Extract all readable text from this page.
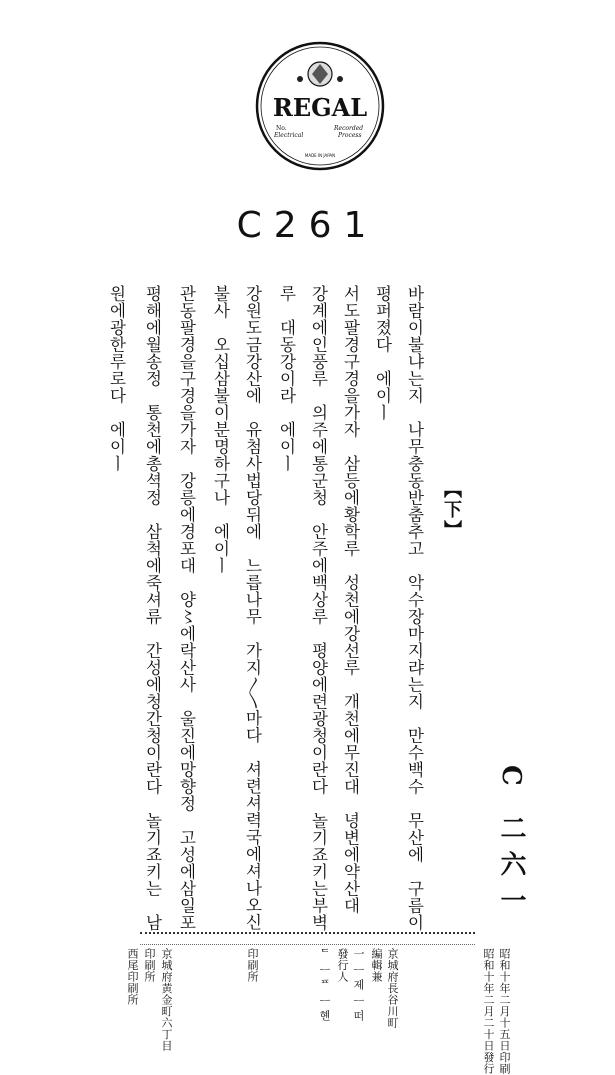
REGAL
No.
Electrical
Recorded
Process
MADE IN JAPAN
C261
바람이불냐는지　나무충동반춤추고　악수장마지랴는지　만수백수　무산에　구름이
평퍼졌다　에이ㅣ
서도팔경구경을가자　삼등에황학루　성천에강선루　개천에무진대　녕변에약산대
강계에인풍루　의주에통군청　안주에백상루　평양에련광청이란다　놀기죠키는부벽
루　대동강이라　에이ㅣ
강원도금강산에　유첨사법당뒤에　느릅나무　가지〳〵마다　셔련셔력국에셔나오신
불사　오십삼불이분명하구나　에이ㅣ
관동팔경을구경을가자　강릉에경포대　양〻에락산사　울진에망향정　고성에삼일포
평해에월송정　통천에총셕정　삼척에죽셔류　간성에청간청이란다　놀기죠키는　남
원에광한루로다　에이ㅣ
【下】
C 二六一
昭和十年二月十五日印刷
昭和十年二月二十日發行
京城府長谷川町
編輯兼
一 ᅳ 제 ᅳ 떠
發行人
ᄃ ᅳ ᄑ ᅳ 혠
印刷所
京城府黄金町六丁目
印刷所
西尾印刷所
